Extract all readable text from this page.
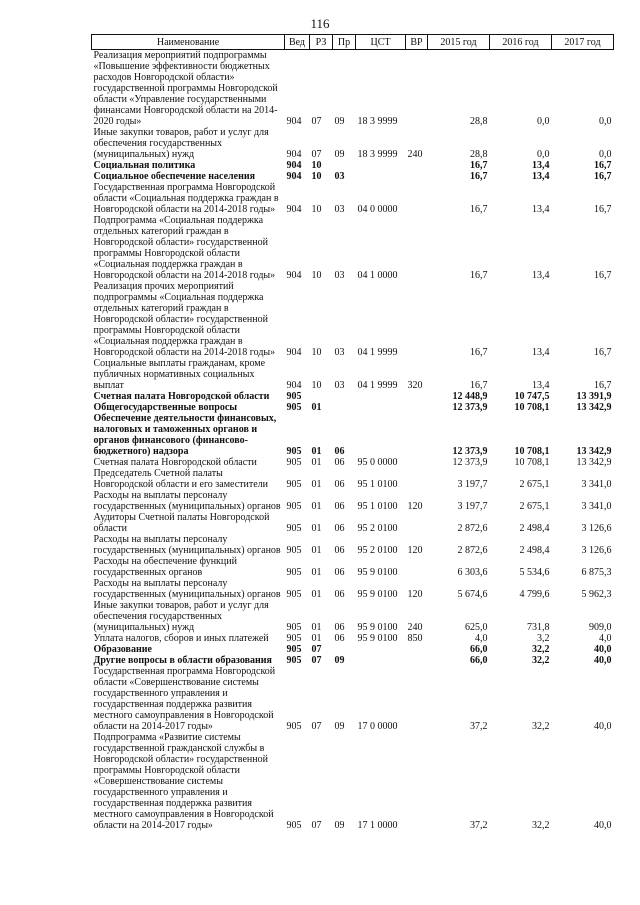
116
Наименование	Вед	РЗ	Пр	ЦСТ	ВР	2015 год	2016 год	2017 год
Реализация мероприятий подпрограммы «Повышение эффективности бюджетных расходов Новгородской области» государственной программы Новгородской области «Управление государственными финансами Новгородской области на 2014-2020 годы»	904	07	09	18 3 9999		28,8	0,0	0,0
Иные закупки товаров, работ и услуг для обеспечения государственных (муниципальных) нужд	904	07	09	18 3 9999	240	28,8	0,0	0,0
Социальная политика	904	10				16,7	13,4	16,7
Социальное обеспечение населения	904	10	03			16,7	13,4	16,7
Государственная программа Новгородской области «Социальная поддержка граждан в Новгородской области на 2014-2018 годы»	904	10	03	04 0 0000		16,7	13,4	16,7
Подпрограмма «Социальная поддержка отдельных категорий граждан в Новгородской области» государственной программы Новгородской области «Социальная поддержка граждан в Новгородской области на 2014-2018 годы»	904	10	03	04 1 0000		16,7	13,4	16,7
Реализация прочих мероприятий подпрограммы «Социальная поддержка отдельных категорий граждан в Новгородской области» государственной программы Новгородской области «Социальная поддержка граждан в Новгородской области на 2014-2018 годы»	904	10	03	04 1 9999		16,7	13,4	16,7
Социальные выплаты гражданам, кроме публичных нормативных социальных выплат	904	10	03	04 1 9999	320	16,7	13,4	16,7
Счетная палата Новгородской области	905					12 448,9	10 747,5	13 391,9
Общегосударственные вопросы	905	01				12 373,9	10 708,1	13 342,9
Обеспечение деятельности финансовых, налоговых и таможенных органов и органов финансового (финансово-бюджетного) надзора	905	01	06			12 373,9	10 708,1	13 342,9
Счетная палата Новгородской области	905	01	06	95 0 0000		12 373,9	10 708,1	13 342,9
Председатель Счетной палаты Новгородской области и его заместители	905	01	06	95 1 0100		3 197,7	2 675,1	3 341,0
Расходы на выплаты персоналу государственных (муниципальных) органов	905	01	06	95 1 0100	120	3 197,7	2 675,1	3 341,0
Аудиторы Счетной палаты Новгородской области	905	01	06	95 2 0100		2 872,6	2 498,4	3 126,6
Расходы на выплаты персоналу государственных (муниципальных) органов	905	01	06	95 2 0100	120	2 872,6	2 498,4	3 126,6
Расходы на обеспечение функций государственных органов	905	01	06	95 9 0100		6 303,6	5 534,6	6 875,3
Расходы на выплаты персоналу государственных (муниципальных) органов	905	01	06	95 9 0100	120	5 674,6	4 799,6	5 962,3
Иные закупки товаров, работ и услуг для обеспечения государственных (муниципальных) нужд	905	01	06	95 9 0100	240	625,0	731,8	909,0
Уплата налогов, сборов и иных платежей	905	01	06	95 9 0100	850	4,0	3,2	4,0
Образование	905	07				66,0	32,2	40,0
Другие вопросы в области образования	905	07	09			66,0	32,2	40,0
Государственная программа Новгородской области «Совершенствование системы государственного управления и государственная поддержка развития местного самоуправления в Новгородской области на 2014-2017 годы»	905	07	09	17 0 0000		37,2	32,2	40,0
Подпрограмма «Развитие системы государственной гражданской службы в Новгородской области» государственной программы Новгородской области «Совершенствование системы государственного управления и государственная поддержка развития местного самоуправления в Новгородской области на 2014-2017 годы»	905	07	09	17 1 0000		37,2	32,2	40,0
